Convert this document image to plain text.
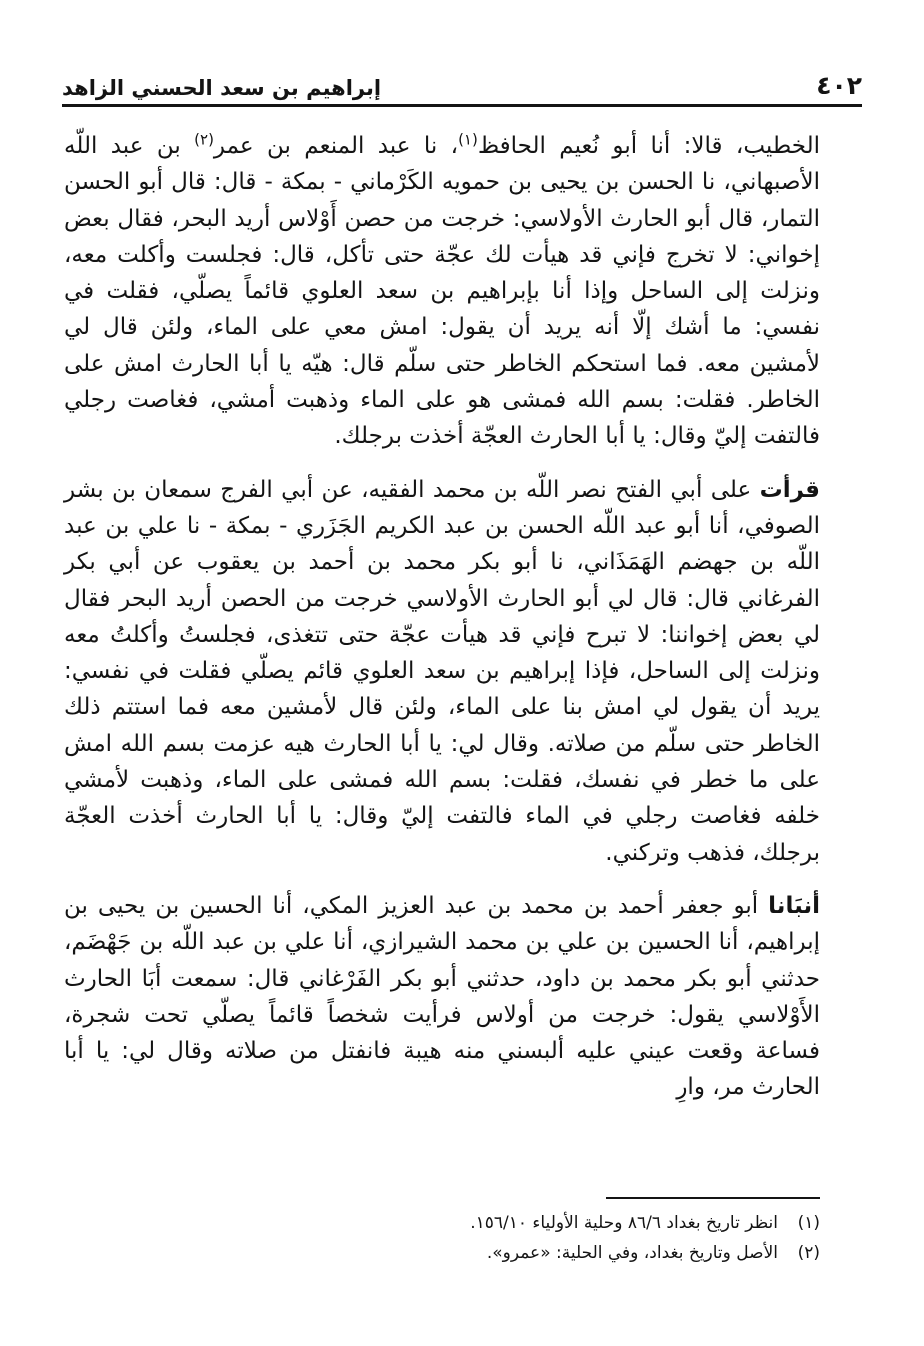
٤٠٢
إبراهيم بن سعد الحسني الزاهد

الخطيب، قالا: أنا أبو نُعيم الحافظ$^{(١)}$، نا عبد المنعم بن عمر$^{(٢)}$ بن عبد اللّه الأصبهاني، نا الحسن بن يحيى بن حمويه الكَرْماني - بمكة - قال: قال أبو الحسن التمار، قال أبو الحارث الأولاسي: خرجت من حصن أَوْلاس أريد البحر، فقال بعض إخواني: لا تخرج فإني قد هيأت لك عجّة حتى تأكل، قال: فجلست وأكلت معه، ونزلت إلى الساحل وإذا أنا بإبراهيم بن سعد العلوي قائماً يصلّي، فقلت في نفسي: ما أشك إلّا أنه يريد أن يقول: امش معي على الماء، ولئن قال لي لأمشين معه. فما استحكم الخاطر حتى سلّم قال: هيّه يا أبا الحارث امش على الخاطر. فقلت: بسم الله فمشى هو على الماء وذهبت أمشي، فغاصت رجلي فالتفت إليّ وقال: يا أبا الحارث العجّة أخذت برجلك.

قرأت على أبي الفتح نصر اللّه بن محمد الفقيه، عن أبي الفرج سمعان بن بشر الصوفي، أنا أبو عبد اللّه الحسن بن عبد الكريم الجَزَري - بمكة - نا علي بن عبد اللّه بن جهضم الهَمَذَاني، نا أبو بكر محمد بن أحمد بن يعقوب عن أبي بكر الفرغاني قال: قال لي أبو الحارث الأولاسي خرجت من الحصن أريد البحر فقال لي بعض إخواننا: لا تبرح فإني قد هيأت عجّة حتى تتغذى، فجلستُ وأكلتُ معه ونزلت إلى الساحل، فإذا إبراهيم بن سعد العلوي قائم يصلّي فقلت في نفسي: يريد أن يقول لي امش بنا على الماء، ولئن قال لأمشين معه فما استتم ذلك الخاطر حتى سلّم من صلاته. وقال لي: يا أبا الحارث هيه عزمت بسم الله امش على ما خطر في نفسك، فقلت: بسم الله فمشى على الماء، وذهبت لأمشي خلفه فغاصت رجلي في الماء فالتفت إليّ وقال: يا أبا الحارث أخذت العجّة برجلك، فذهب وتركني.

أنبَانا أبو جعفر أحمد بن محمد بن عبد العزيز المكي، أنا الحسين بن يحيى بن إبراهيم، أنا الحسين بن علي بن محمد الشيرازي، أنا علي بن عبد اللّه بن جَهْضَم، حدثني أبو بكر محمد بن داود، حدثني أبو بكر الفَرْغاني قال: سمعت أبَا الحارث الأَوْلاسي يقول: خرجت من أولاس فرأيت شخصاً قائماً يصلّي تحت شجرة، فساعة وقعت عيني عليه ألبسني منه هيبة فانفتل من صلاته وقال لي: يا أبا الحارث مر، وارِ

(١)
انظر تاريخ بغداد ٨٦/٦ وحلية الأولياء ١٥٦/١٠.
(٢)
الأصل وتاريخ بغداد، وفي الحلية: «عمرو».
